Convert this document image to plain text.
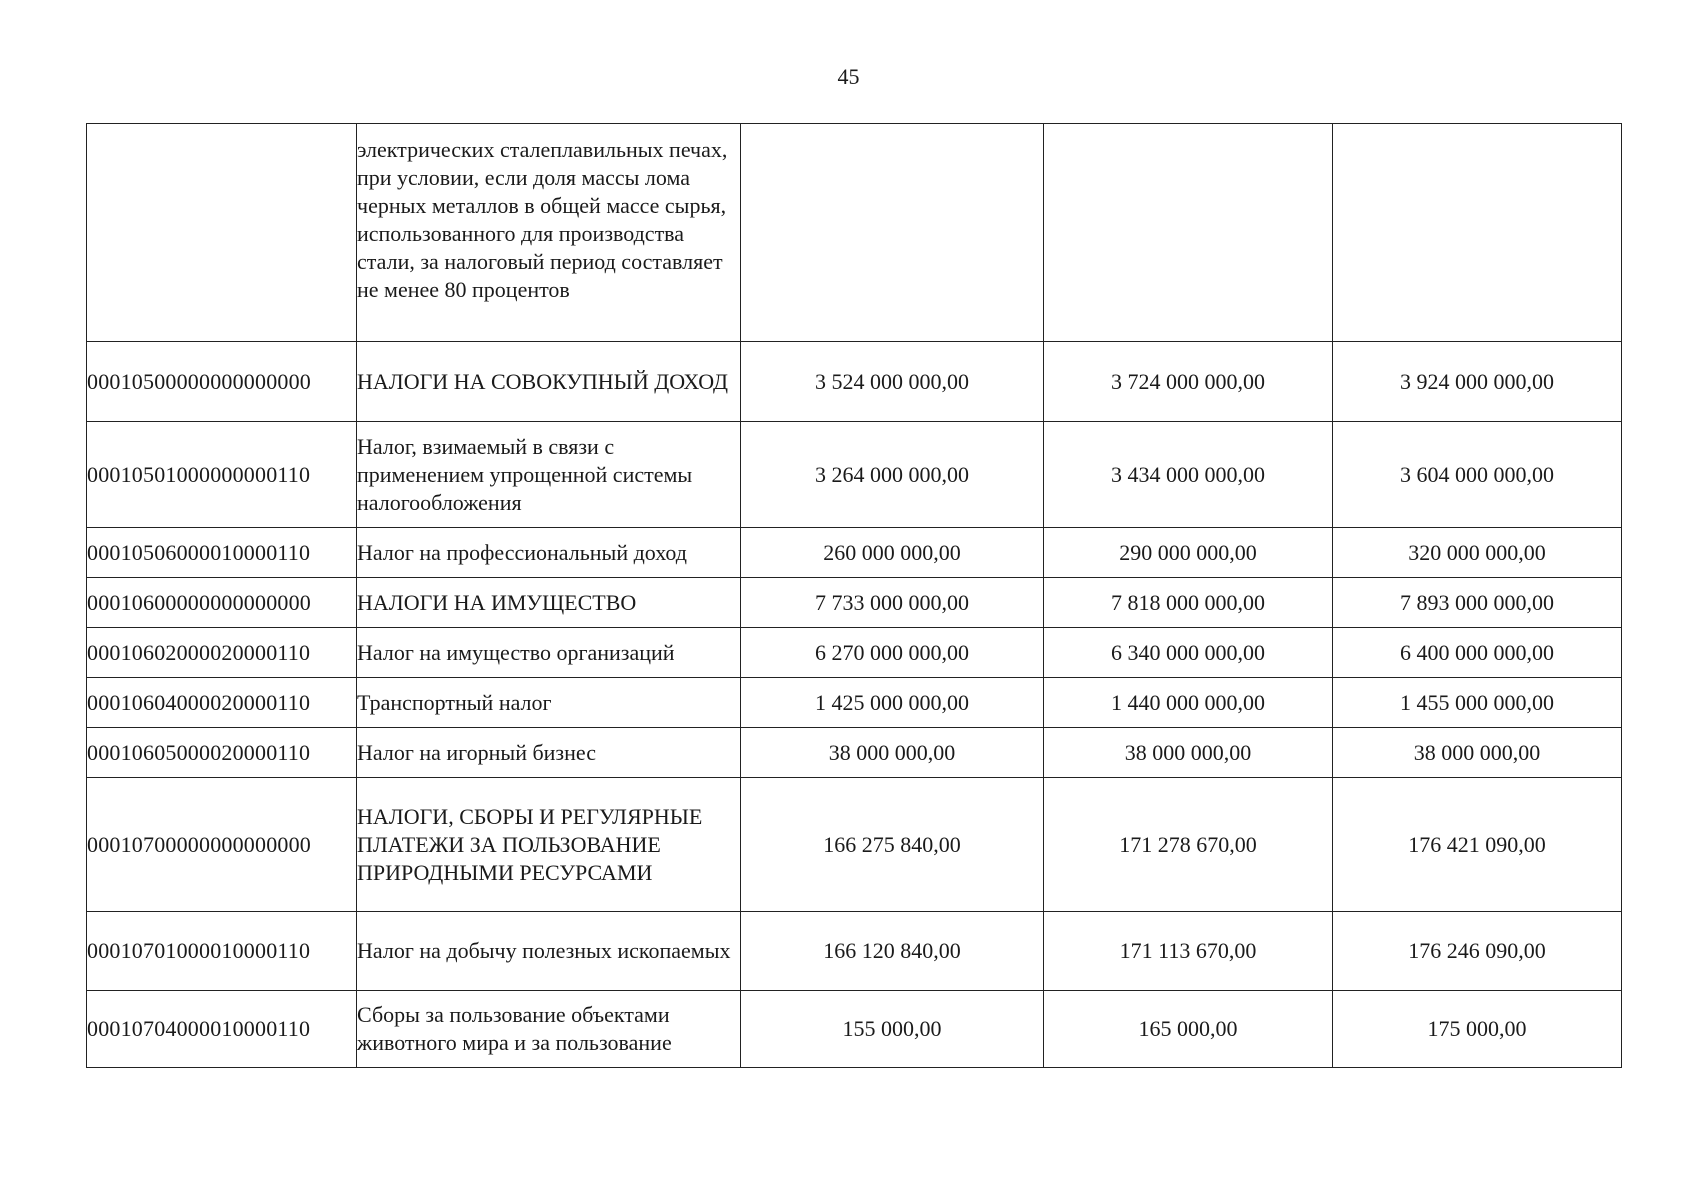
45
	электрических сталеплавильных печах, при условии, если доля массы лома черных металлов в общей массе сырья, использованного для производства стали, за налоговый период составляет не менее 80 процентов			
00010500000000000000	НАЛОГИ НА СОВОКУПНЫЙ ДОХОД	3 524 000 000,00	3 724 000 000,00	3 924 000 000,00
00010501000000000110	Налог, взимаемый в связи с применением упрощенной системы налогообложения	3 264 000 000,00	3 434 000 000,00	3 604 000 000,00
00010506000010000110	Налог на профессиональный доход	260 000 000,00	290 000 000,00	320 000 000,00
00010600000000000000	НАЛОГИ НА ИМУЩЕСТВО	7 733 000 000,00	7 818 000 000,00	7 893 000 000,00
00010602000020000110	Налог на имущество организаций	6 270 000 000,00	6 340 000 000,00	6 400 000 000,00
00010604000020000110	Транспортный налог	1 425 000 000,00	1 440 000 000,00	1 455 000 000,00
00010605000020000110	Налог на игорный бизнес	38 000 000,00	38 000 000,00	38 000 000,00
00010700000000000000	НАЛОГИ, СБОРЫ И РЕГУЛЯРНЫЕ ПЛАТЕЖИ ЗА ПОЛЬЗОВАНИЕ ПРИРОДНЫМИ РЕСУРСАМИ	166 275 840,00	171 278 670,00	176 421 090,00
00010701000010000110	Налог на добычу полезных ископаемых	166 120 840,00	171 113 670,00	176 246 090,00
00010704000010000110	Сборы за пользование объектами животного мира и за пользование	155 000,00	165 000,00	175 000,00
